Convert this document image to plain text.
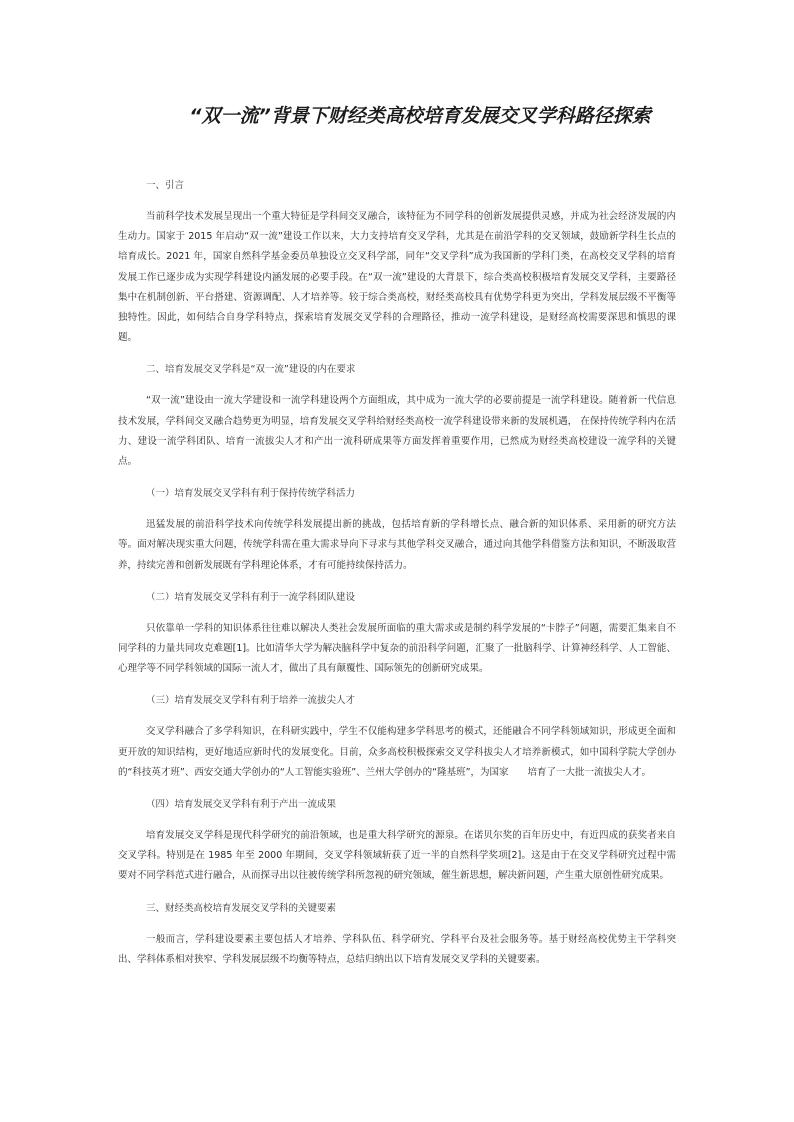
“双一流”背景下财经类高校培育发展交叉学科路径探索

一、引言

当前科学技术发展呈现出一个重大特征是学科间交叉融合，该特征为不同学科的创新发展提供灵感，并成为社会经济发展的内生动力。国家于 2015 年启动“双一流”建设工作以来，大力支持培育交叉学科，尤其是在前沿学科的交叉领域，鼓励新学科生长点的培育成长。2021 年，国家自然科学基金委员单独设立交叉科学部，同年“交叉学科”成为我国新的学科门类，在高校交叉学科的培育发展工作已逐步成为实现学科建设内涵发展的必要手段。在“双一流”建设的大背景下，综合类高校积极培育发展交叉学科，主要路径集中在机制创新、平台搭建、资源调配、人才培养等。较于综合类高校，财经类高校具有优势学科更为突出，学科发展层级不平衡等独特性。因此，如何结合自身学科特点，探索培育发展交叉学科的合理路径，推动一流学科建设，是财经高校需要深思和慎思的课题。

二、培育发展交叉学科是“双一流”建设的内在要求

“双一流”建设由一流大学建设和一流学科建设两个方面组成，其中成为一流大学的必要前提是一流学科建设。随着新一代信息技术发展，学科间交叉融合趋势更为明显，培育发展交叉学科给财经类高校一流学科建设带来新的发展机遇， 在保持传统学科内在活力、建设一流学科团队、培育一流拔尖人才和产出一流科研成果等方面发挥着重要作用，已然成为财经类高校建设一流学科的关键点。

（一）培育发展交叉学科有利于保持传统学科活力

迅猛发展的前沿科学技术向传统学科发展提出新的挑战，包括培育新的学科增长点、融合新的知识体系、采用新的研究方法等。面对解决现实重大问题，传统学科需在重大需求导向下寻求与其他学科交叉融合，通过向其他学科借鉴方法和知识，不断汲取营养，持续完善和创新发展既有学科理论体系，才有可能持续保持活力。

（二）培育发展交叉学科有利于一流学科团队建设

只依靠单一学科的知识体系往往难以解决人类社会发展所面临的重大需求或是制约科学发展的“卡脖子”问题，需要汇集来自不同学科的力量共同攻克难题[1]。比如清华大学为解决脑科学中复杂的前沿科学问题，汇聚了一批脑科学、计算神经科学、人工智能、心理学等不同学科领域的国际一流人才，做出了具有颠覆性、国际领先的创新研究成果。

（三）培育发展交叉学科有利于培养一流拔尖人才

交叉学科融合了多学科知识，在科研实践中，学生不仅能构建多学科思考的模式，还能融合不同学科领域知识，形成更全面和更开放的知识结构，更好地适应新时代的发展变化。目前，众多高校积极探索交叉学科拔尖人才培养新模式，如中国科学院大学创办的“科技英才班”、西安交通大学创办的“人工智能实验班”、兰州大学创办的“隆基班”，为国家　　培育了一大批一流拔尖人才。

（四）培育发展交叉学科有利于产出一流成果

培育发展交叉学科是现代科学研究的前沿领域，也是重大科学研究的源泉。在诺贝尔奖的百年历史中，有近四成的获奖者来自交叉学科。特别是在 1985 年至 2000 年期间，交叉学科领域斩获了近一半的自然科学奖项[2]。这是由于在交叉学科研究过程中需要对不同学科范式进行融合，从而探寻出以往被传统学科所忽视的研究领域，催生新思想，解决新问题，产生重大原创性研究成果。

三、财经类高校培育发展交叉学科的关键要素

一般而言，学科建设要素主要包括人才培养、学科队伍、科学研究、学科平台及社会服务等。基于财经高校优势主干学科突出、学科体系相对狭窄、学科发展层级不均衡等特点，总结归纳出以下培育发展交叉学科的关键要素。
